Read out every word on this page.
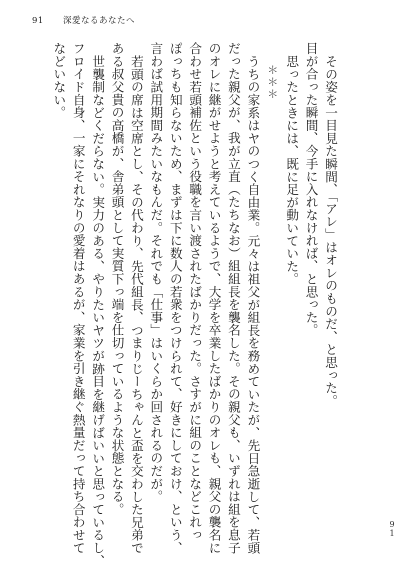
91 深愛なるあなたへ
その姿を一目見た瞬間、「アレ」はオレのものだ、と思った。
目が合った瞬間、今手に入れなければ、と思った。
思ったときには、既に足が動いていた。
＊＊＊
うちの家系はヤのつく自由業。元々は祖父が組長を務めていたが、先日急逝して、若頭
だった親父が、我が立直（たちなお）組組長を襲名した。その親父も、いずれは組を息子
のオレに継がせようと考えているようで、大学を卒業したばかりのオレも、親父の襲名に
合わせ若頭補佐という役職を言い渡されたばかりだった。さすがに組のことなどこれっ
ぽっちも知らないため、まずは下に数人の若衆をつけられて、好きにしておけ、という、
言わば試用期間みたいなもんだ。それでも「仕事」はいくらか回されるのだが。
若頭の席は空席とし、その代わり、先代組長、つまりじーちゃんと盃を交わした兄弟で
ある叔父貴の高橋が、舎弟頭として実質下っ端を仕切っているような状態となる。
世襲制などくだらない。実力のある、やりたいヤツが跡目を継げばいいと思っているし、
フロイド自身、一家にそれなりの愛着はあるが、家業を引き継ぐ熱量だって持ち合わせて
などいない。
9
1
